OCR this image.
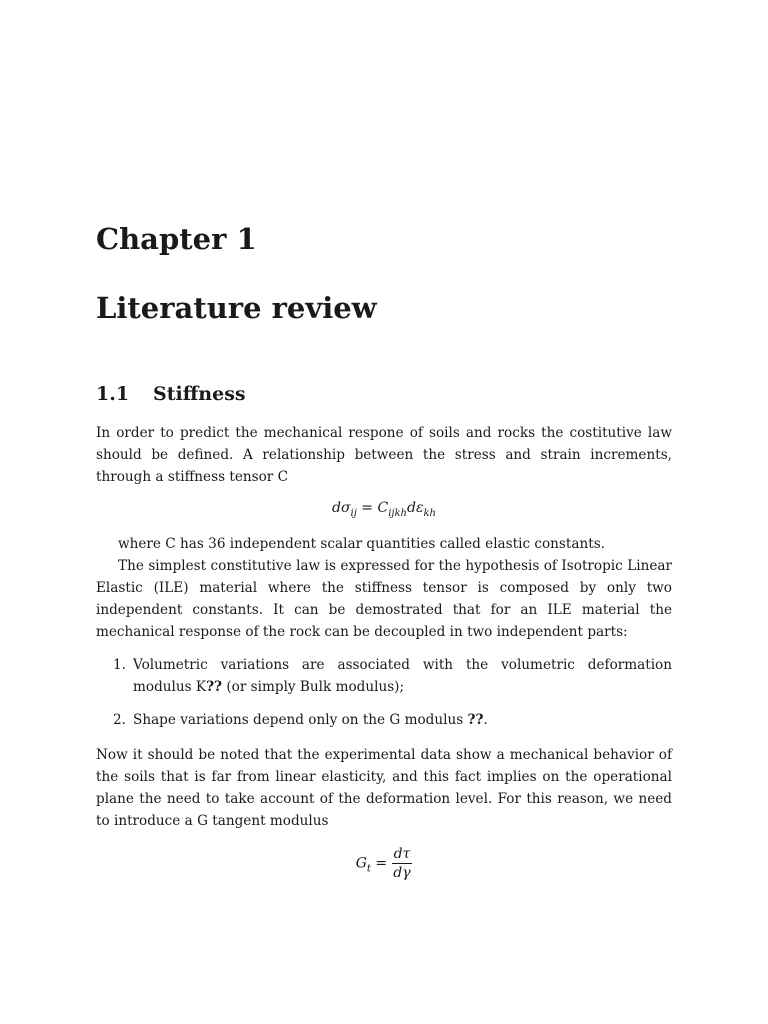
Chapter 1
Literature review
1.1 Stiffness

In order to predict the mechanical respone of soils and rocks the costitutive law should be defined. A relationship between the stress and strain increments, through a stiffness tensor C

$d\sigma_{ij} = C_{ijkh}d\varepsilon_{kh}$

where C has 36 independent scalar quantities called elastic constants.

The simplest constitutive law is expressed for the hypothesis of Isotropic Linear Elastic (ILE) material where the stiffness tensor is composed by only two independent constants. It can be demostrated that for an ILE material the mechanical response of the rock can be decoupled in two independent parts:

1. Volumetric variations are associated with the volumetric deformation modulus K?? (or simply Bulk modulus);
2. Shape variations depend only on the G modulus ??.

Now it should be noted that the experimental data show a mechanical behavior of the soils that is far from linear elasticity, and this fact implies on the operational plane the need to take account of the deformation level. For this reason, we need to introduce a G tangent modulus

$G_t = \frac{d\tau}{d\gamma}$
